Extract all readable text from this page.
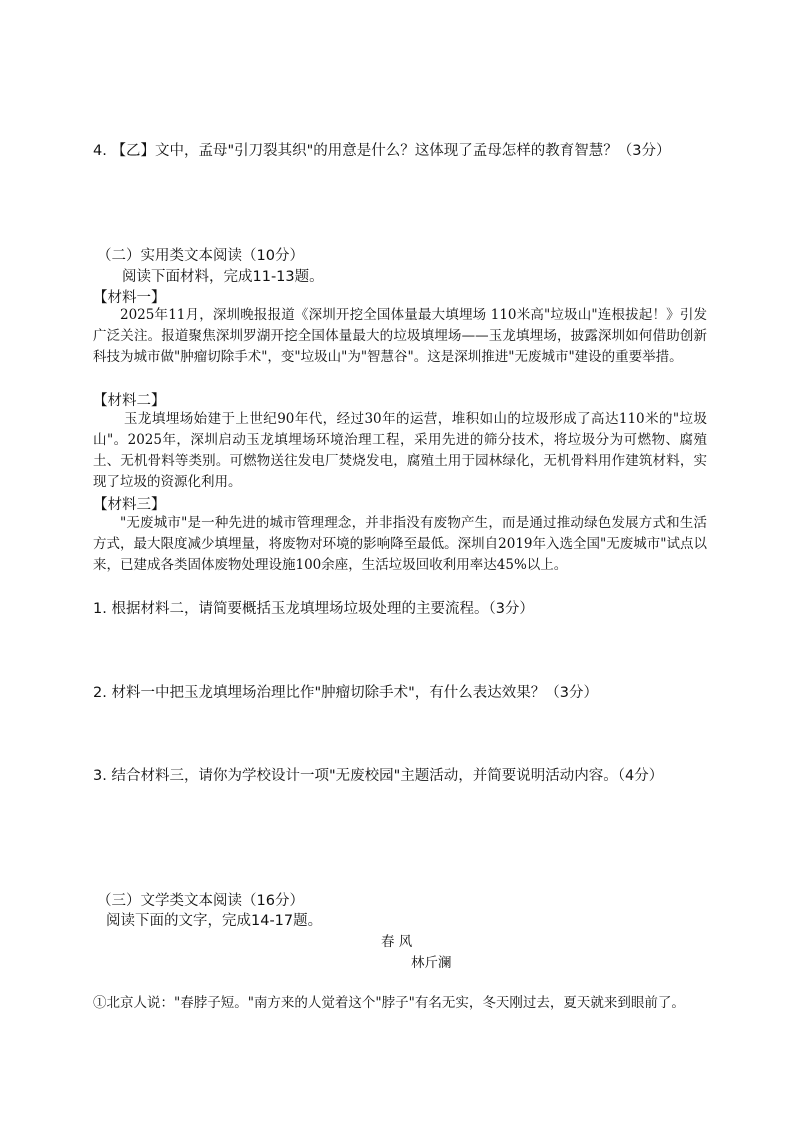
4. 【乙】文中，孟母"引刀裂其织"的用意是什么？这体现了孟母怎样的教育智慧？（3分）
（二）实用类文本阅读（10分）
阅读下面材料，完成11-13题。
【材料一】
2025年11月，深圳晚报报道《深圳开挖全国体量最大填埋场 110米高"垃圾山"连根拔起！》引发广泛关注。报道聚焦深圳罗湖开挖全国体量最大的垃圾填埋场——玉龙填埋场，披露深圳如何借助创新科技为城市做"肿瘤切除手术"，变"垃圾山"为"智慧谷"。这是深圳推进"无废城市"建设的重要举措。
【材料二】
玉龙填埋场始建于上世纪90年代，经过30年的运营，堆积如山的垃圾形成了高达110米的"垃圾山"。2025年，深圳启动玉龙填埋场环境治理工程，采用先进的筛分技术，将垃圾分为可燃物、腐殖土、无机骨料等类别。可燃物送往发电厂焚烧发电，腐殖土用于园林绿化，无机骨料用作建筑材料，实现了垃圾的资源化利用。
【材料三】
"无废城市"是一种先进的城市管理理念，并非指没有废物产生，而是通过推动绿色发展方式和生活方式，最大限度减少填埋量，将废物对环境的影响降至最低。深圳自2019年入选全国"无废城市"试点以来，已建成各类固体废物处理设施100余座，生活垃圾回收利用率达45%以上。
1. 根据材料二，请简要概括玉龙填埋场垃圾处理的主要流程。（3分）
2. 材料一中把玉龙填埋场治理比作"肿瘤切除手术"，有什么表达效果？（3分）
3. 结合材料三，请你为学校设计一项"无废校园"主题活动，并简要说明活动内容。（4分）
（三）文学类文本阅读（16分）
阅读下面的文字，完成14-17题。
春 风
林斤澜
①北京人说："春脖子短。"南方来的人觉着这个"脖子"有名无实，冬天刚过去，夏天就来到眼前了。
